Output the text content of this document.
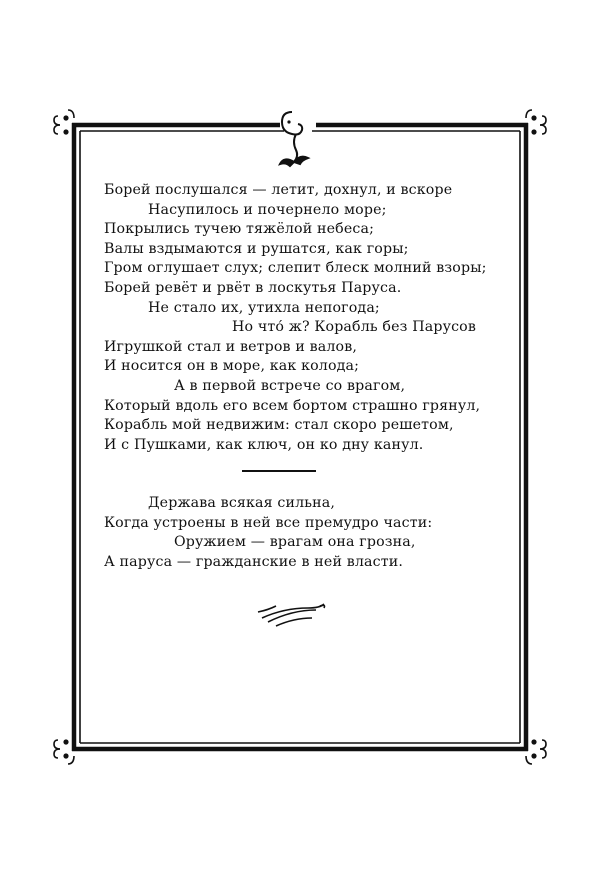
Борей послушался — летит, дохнул, и вскоре
Насупилось и почернело море;
Покрылись тучею тяжёлой небеса;
Валы вздымаются и рушатся, как горы;
Гром оглушает слух; слепит блеск молний взоры;
Борей ревёт и рвёт в лоскутья Паруса.
Не стало их, утихла непогода;
Но что́ ж? Корабль без Парусов
Игрушкой стал и ветров и валов,
И носится он в море, как колода;
А в первой встрече со врагом,
Который вдоль его всем бортом страшно грянул,
Корабль мой недвижим: стал скоро решетом,
И с Пушками, как ключ, он ко дну канул.
Держава всякая сильна,
Когда устроены в ней все премудро части:
Оружием — врагам она грозна,
А паруса — гражданские в ней власти.
